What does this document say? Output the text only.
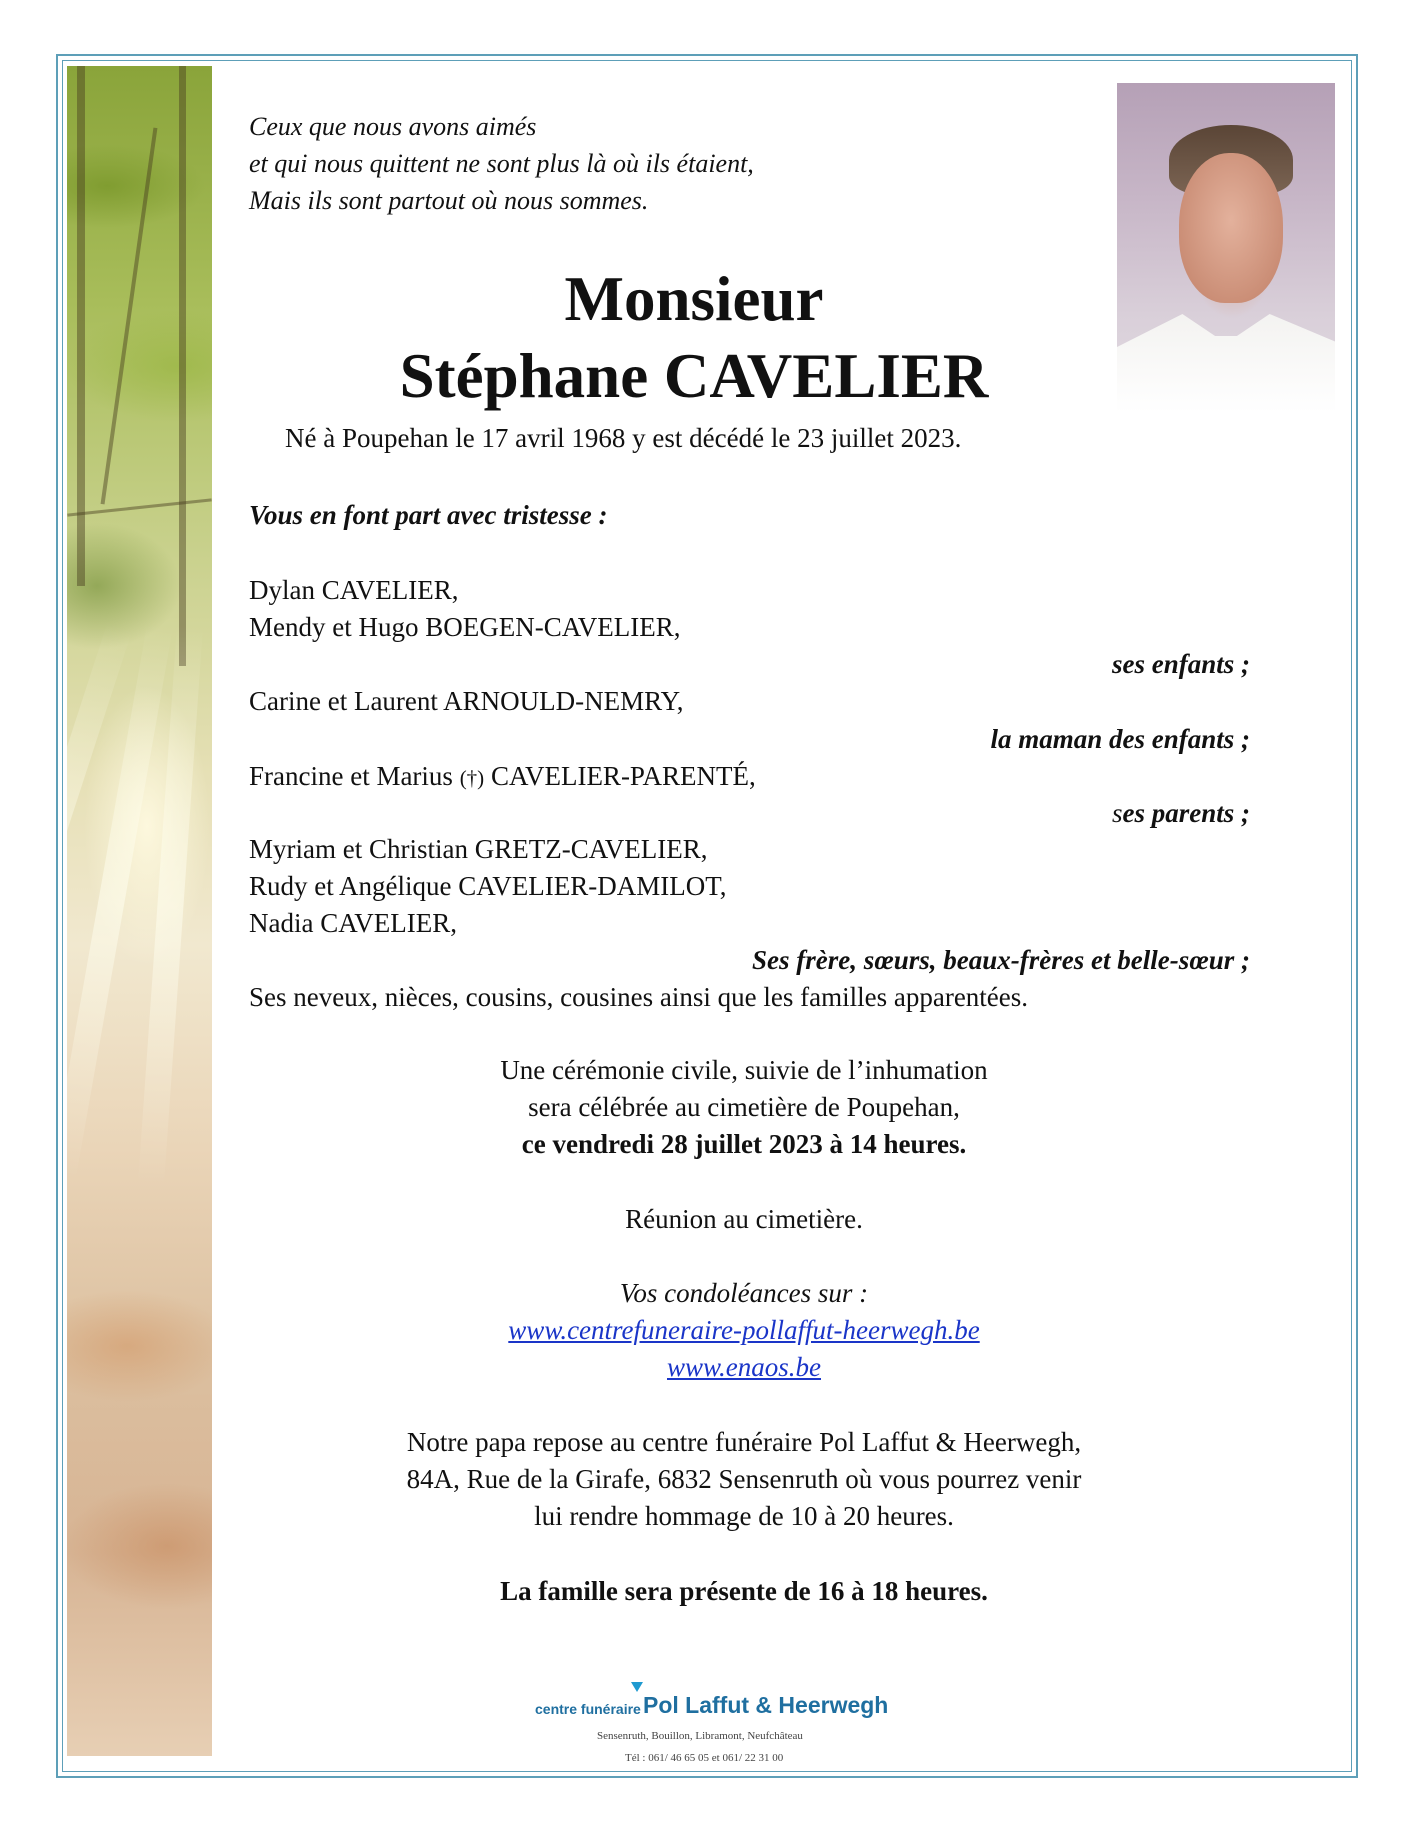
Ceux que nous avons aimés
et qui nous quittent ne sont plus là où ils étaient,
Mais ils sont partout où nous sommes.
Monsieur
Stéphane CAVELIER
Né à Poupehan le 17 avril 1968 y est décédé le 23 juillet 2023.
Vous en font part avec tristesse :
Dylan CAVELIER,
Mendy et Hugo BOEGEN-CAVELIER,
ses enfants ;
Carine et Laurent ARNOULD-NEMRY,
la maman des enfants ;
Francine et Marius (†) CAVELIER-PARENTÉ,
ses parents ;
Myriam et Christian GRETZ-CAVELIER,
Rudy et Angélique CAVELIER-DAMILOT,
Nadia CAVELIER,
Ses frère, sœurs, beaux-frères et belle-sœur ;
Ses neveux, nièces, cousins, cousines ainsi que les familles apparentées.
Une cérémonie civile, suivie de l’inhumation
sera célébrée au cimetière de Poupehan,
ce vendredi 28 juillet 2023 à 14 heures.
Réunion au cimetière.
Vos condoléances sur :
www.centrefuneraire-pollaffut-heerwegh.be
www.enaos.be
Notre papa repose au centre funéraire Pol Laffut & Heerwegh,
84A, Rue de la Girafe, 6832 Sensenruth où vous pourrez venir
lui rendre hommage de 10 à 20 heures.
La famille sera présente de 16 à 18 heures.
centre funéraire Pol Laffut & Heerwegh
Sensenruth, Bouillon, Libramont, Neufchâteau
Tél : 061/ 46 65 05 et 061/ 22 31 00
